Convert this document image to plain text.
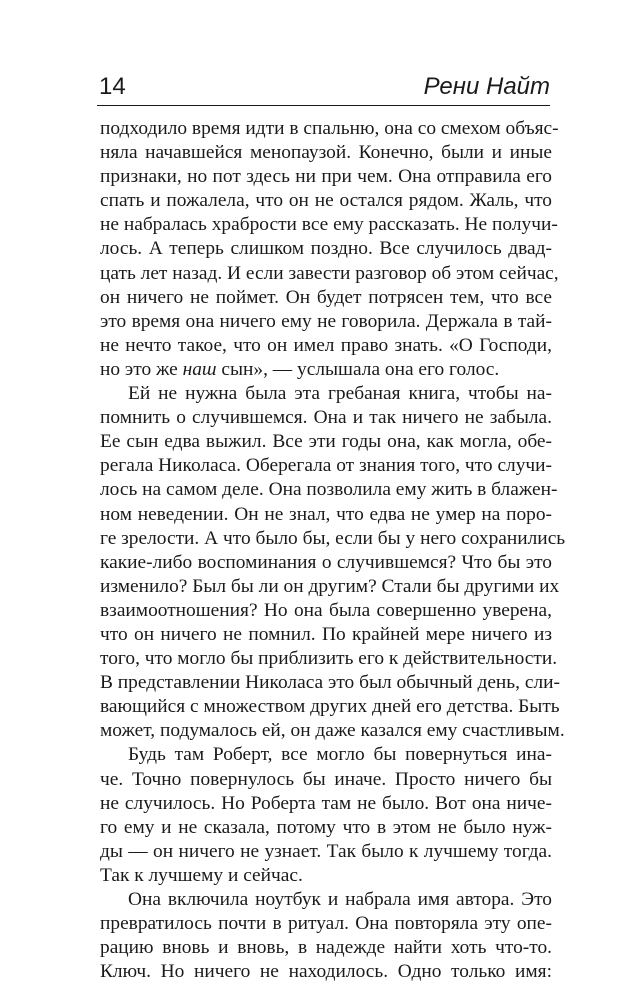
14	Рени Найт
подходило время идти в спальню, она со смехом объяс-
няла начавшейся менопаузой. Конечно, были и иные
признаки, но пот здесь ни при чем. Она отправила его
спать и пожалела, что он не остался рядом. Жаль, что
не набралась храбрости все ему рассказать. Не получи-
лось. А теперь слишком поздно. Все случилось двад-
цать лет назад. И если завести разговор об этом сейчас,
он ничего не поймет. Он будет потрясен тем, что все
это время она ничего ему не говорила. Держала в тай-
не нечто такое, что он имел право знать. «О Господи,
но это же наш сын», — услышала она его голос.
Ей не нужна была эта гребаная книга, чтобы на-
помнить о случившемся. Она и так ничего не забыла.
Ее сын едва выжил. Все эти годы она, как могла, обе-
регала Николаса. Оберегала от знания того, что случи-
лось на самом деле. Она позволила ему жить в блажен-
ном неведении. Он не знал, что едва не умер на поро-
ге зрелости. А что было бы, если бы у него сохранились
какие-либо воспоминания о случившемся? Что бы это
изменило? Был бы ли он другим? Стали бы другими их
взаимоотношения? Но она была совершенно уверена,
что он ничего не помнил. По крайней мере ничего из
того, что могло бы приблизить его к действительности.
В представлении Николаса это был обычный день, сли-
вающийся с множеством других дней его детства. Быть
может, подумалось ей, он даже казался ему счастливым.
Будь там Роберт, все могло бы повернуться ина-
че. Точно повернулось бы иначе. Просто ничего бы
не случилось. Но Роберта там не было. Вот она ниче-
го ему и не сказала, потому что в этом не было нуж-
ды — он ничего не узнает. Так было к лучшему тогда.
Так к лучшему и сейчас.
Она включила ноутбук и набрала имя автора. Это
превратилось почти в ритуал. Она повторяла эту опе-
рацию вновь и вновь, в надежде найти хоть что-то.
Ключ. Но ничего не находилось. Одно только имя:
